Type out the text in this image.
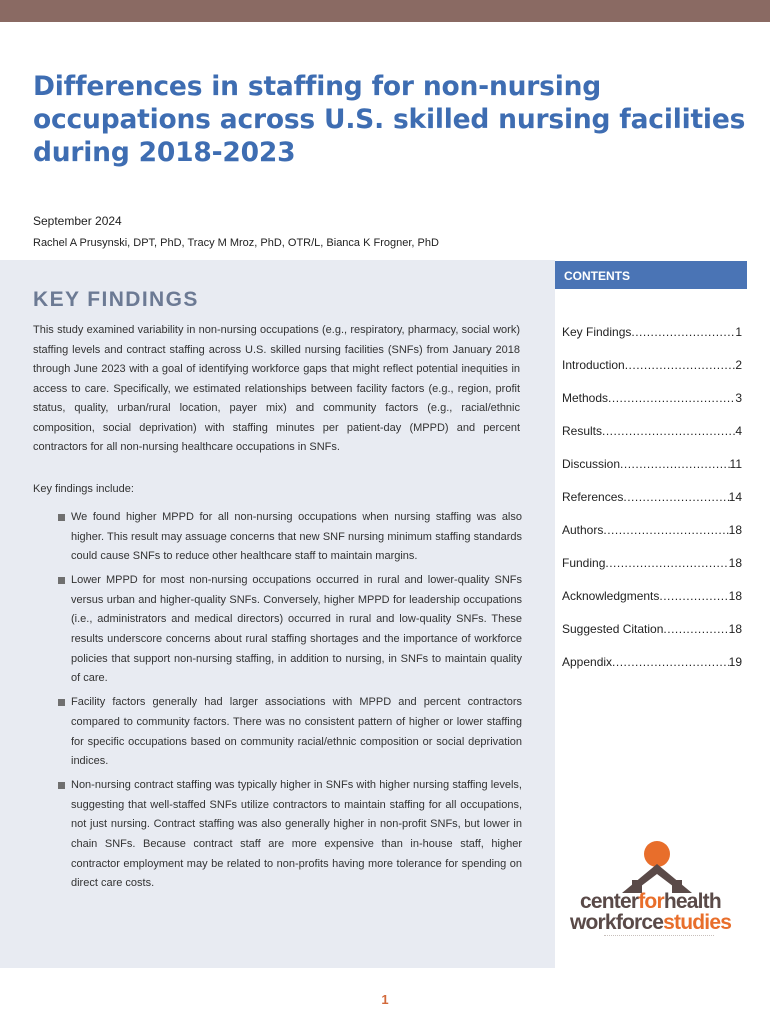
Differences in staffing for non-nursing occupations across U.S. skilled nursing facilities during 2018-2023
September 2024
Rachel A Prusynski, DPT, PhD, Tracy M Mroz, PhD, OTR/L, Bianca K Frogner, PhD
KEY FINDINGS

This study examined variability in non-nursing occupations (e.g., respiratory, pharmacy, social work) staffing levels and contract staffing across U.S. skilled nursing facilities (SNFs) from January 2018 through June 2023 with a goal of identifying workforce gaps that might reflect potential inequities in access to care. Specifically, we estimated relationships between facility factors (e.g., region, profit status, quality, urban/rural location, payer mix) and community factors (e.g., racial/ethnic composition, social deprivation) with staffing minutes per patient-day (MPPD) and percent contractors for all non-nursing healthcare occupations in SNFs.

Key findings include:

We found higher MPPD for all non-nursing occupations when nursing staffing was also higher. This result may assuage concerns that new SNF nursing minimum staffing standards could cause SNFs to reduce other healthcare staff to maintain margins.
Lower MPPD for most non-nursing occupations occurred in rural and lower-quality SNFs versus urban and higher-quality SNFs. Conversely, higher MPPD for leadership occupations (i.e., administrators and medical directors) occurred in rural and low-quality SNFs. These results underscore concerns about rural staffing shortages and the importance of workforce policies that support non-nursing staffing, in addition to nursing, in SNFs to maintain quality of care.
Facility factors generally had larger associations with MPPD and percent contractors compared to community factors. There was no consistent pattern of higher or lower staffing for specific occupations based on community racial/ethnic composition or social deprivation indices.
Non-nursing contract staffing was typically higher in SNFs with higher nursing staffing levels, suggesting that well-staffed SNFs utilize contractors to maintain staffing for all occupations, not just nursing. Contract staffing was also generally higher in non-profit SNFs, but lower in chain SNFs. Because contract staff are more expensive than in-house staff, higher contractor employment may be related to non-profits having more tolerance for spending on direct care costs.
CONTENTS
Key Findings .....	1
Introduction .....	2
Methods .....	3
Results .....	4
Discussion .....	11
References .....	14
Authors .....	18
Funding .....	18
Acknowledgments .....	18
Suggested Citation .....	18
Appendix .....	19
centerforhealth
workforcestudies
1
